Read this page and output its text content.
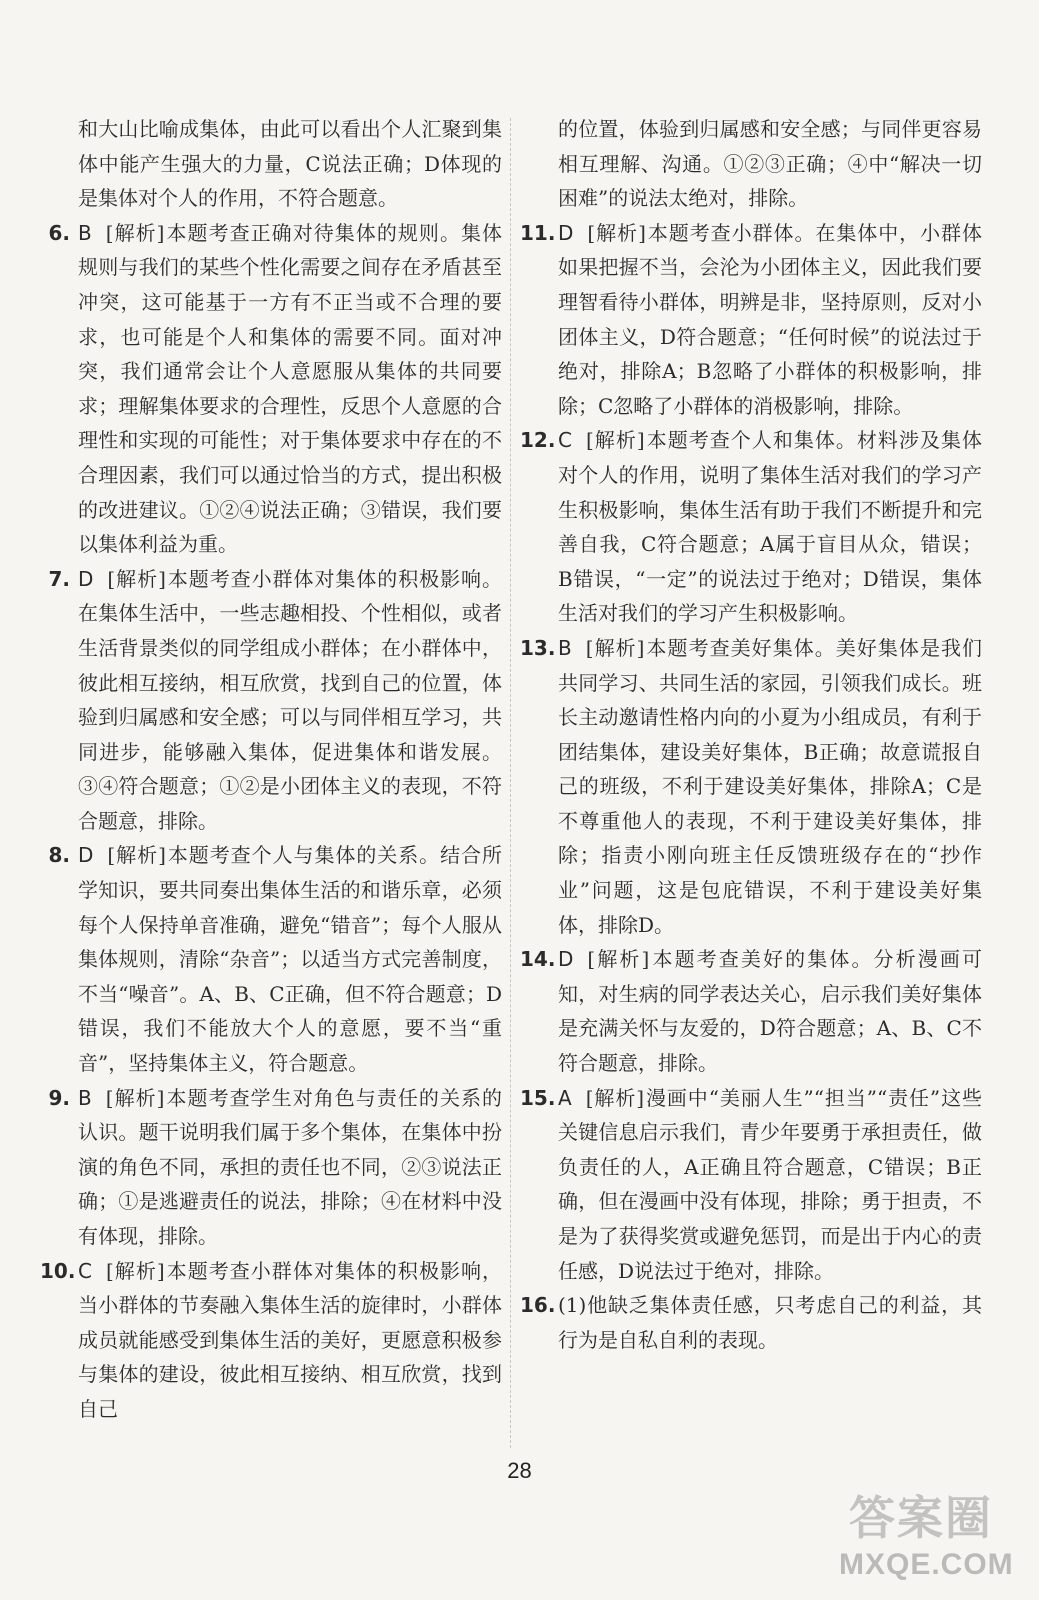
和大山比喻成集体，由此可以看出个人汇聚到集体中能产生强大的力量，C说法正确；D体现的是集体对个人的作用，不符合题意。

6. B [解析]本题考查正确对待集体的规则。集体规则与我们的某些个性化需要之间存在矛盾甚至冲突，这可能基于一方有不正当或不合理的要求，也可能是个人和集体的需要不同。面对冲突，我们通常会让个人意愿服从集体的共同要求；理解集体要求的合理性，反思个人意愿的合理性和实现的可能性；对于集体要求中存在的不合理因素，我们可以通过恰当的方式，提出积极的改进建议。①②④说法正确；③错误，我们要以集体利益为重。

7. D [解析]本题考查小群体对集体的积极影响。在集体生活中，一些志趣相投、个性相似，或者生活背景类似的同学组成小群体；在小群体中，彼此相互接纳，相互欣赏，找到自己的位置，体验到归属感和安全感；可以与同伴相互学习，共同进步，能够融入集体，促进集体和谐发展。③④符合题意；①②是小团体主义的表现，不符合题意，排除。

8. D [解析]本题考查个人与集体的关系。结合所学知识，要共同奏出集体生活的和谐乐章，必须每个人保持单音准确，避免“错音”；每个人服从集体规则，清除“杂音”；以适当方式完善制度，不当“噪音”。A、B、C正确，但不符合题意；D错误，我们不能放大个人的意愿，要不当“重音”，坚持集体主义，符合题意。

9. B [解析]本题考查学生对角色与责任的关系的认识。题干说明我们属于多个集体，在集体中扮演的角色不同，承担的责任也不同，②③说法正确；①是逃避责任的说法，排除；④在材料中没有体现，排除。

10. C [解析]本题考查小群体对集体的积极影响，当小群体的节奏融入集体生活的旋律时，小群体成员就能感受到集体生活的美好，更愿意积极参与集体的建设，彼此相互接纳、相互欣赏，找到自己

的位置，体验到归属感和安全感；与同伴更容易相互理解、沟通。①②③正确；④中“解决一切困难”的说法太绝对，排除。

11. D [解析]本题考查小群体。在集体中，小群体如果把握不当，会沦为小团体主义，因此我们要理智看待小群体，明辨是非，坚持原则，反对小团体主义，D符合题意；“任何时候”的说法过于绝对，排除A；B忽略了小群体的积极影响，排除；C忽略了小群体的消极影响，排除。

12. C [解析]本题考查个人和集体。材料涉及集体对个人的作用，说明了集体生活对我们的学习产生积极影响，集体生活有助于我们不断提升和完善自我，C符合题意；A属于盲目从众，错误；B错误，“一定”的说法过于绝对；D错误，集体生活对我们的学习产生积极影响。

13. B [解析]本题考查美好集体。美好集体是我们共同学习、共同生活的家园，引领我们成长。班长主动邀请性格内向的小夏为小组成员，有利于团结集体，建设美好集体，B正确；故意谎报自己的班级，不利于建设美好集体，排除A；C是不尊重他人的表现，不利于建设美好集体，排除；指责小刚向班主任反馈班级存在的“抄作业”问题，这是包庇错误，不利于建设美好集体，排除D。

14. D [解析]本题考查美好的集体。分析漫画可知，对生病的同学表达关心，启示我们美好集体是充满关怀与友爱的，D符合题意；A、B、C不符合题意，排除。

15. A [解析]漫画中“美丽人生”“担当”“责任”这些关键信息启示我们，青少年要勇于承担责任，做负责任的人，A正确且符合题意，C错误；B正确，但在漫画中没有体现，排除；勇于担责，不是为了获得奖赏或避免惩罚，而是出于内心的责任感，D说法过于绝对，排除。

16. (1)他缺乏集体责任感，只考虑自己的利益，其行为是自私自利的表现。

28
答案圈
MXQE.COM
